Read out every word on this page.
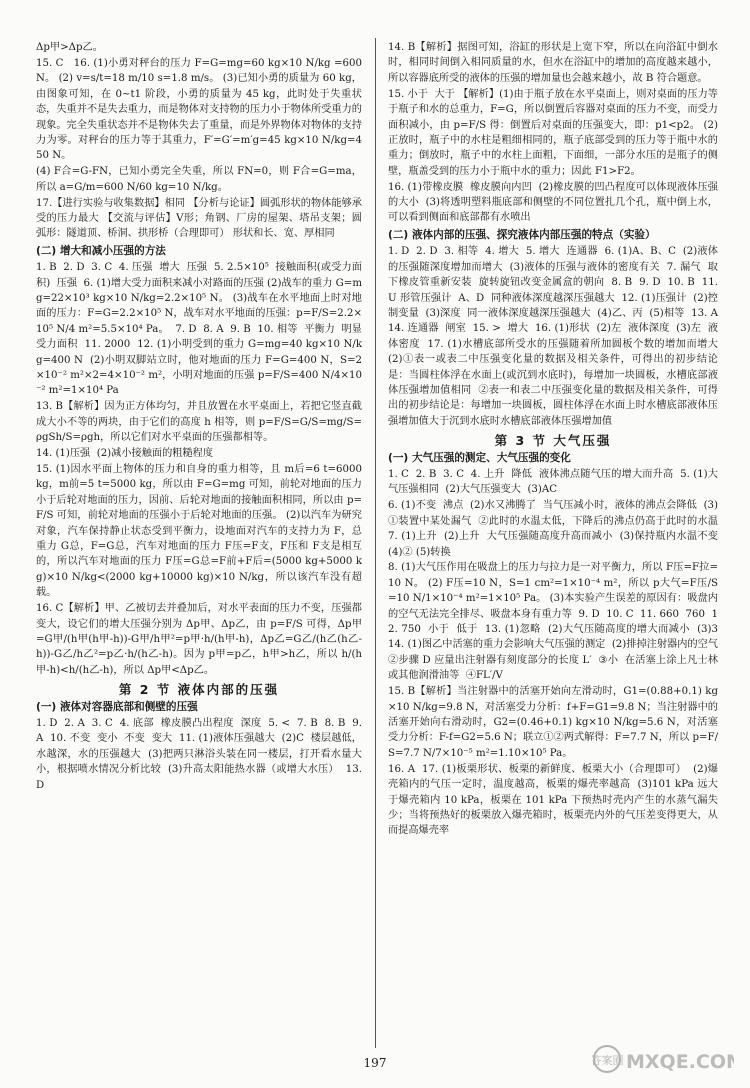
Δp甲>Δp乙。
15. C   16. (1)小勇对秤台的压力 F=G=mg=60 kg×10 N/kg =600 N。 (2) v=s/t=18 m/10 s=1.8 m/s。 (3)已知小勇的质量为 60 kg，由图象可知，在 0~t1 阶段，小勇的质量为 45 kg，此时处于失重状态，失重并不是失去重力，而是物体对支持物的压力小于物体所受重力的现象。完全失重状态并不是物体失去了重量，而是外界物体对物体的支持力为零。对秤台的压力等于其重力，F′=G′=m′g=45 kg×10 N/kg=450 N。
(4) F合=G-FN，已知小勇完全失重，所以 FN=0，则 F合=G=ma，所以 a=G/m=600 N/60 kg=10 N/kg。
17.【进行实验与收集数据】相同 【分析与论证】圆弧形状的物体能够承受的压力最大 【交流与评估】V形；角钢、厂房的屋架、塔吊支架；圆弧形：隧道顶、桥洞、拱形桥（合理即可） 形状和长、宽、厚相同
(二) 增大和减小压强的方法
1. B  2. D  3. C  4. 压强  增大  压强  5. 2.5×10⁵  接触面积(或受力面积)  压强  6. (1)增大受力面积来减小对路面的压强 (2)战车的重力 G=mg=22×10³ kg×10 N/kg=2.2×10⁵ N。 (3)战车在水平地面上时对地面的压力：F=G=2.2×10⁵ N，战车对水平地面的压强：p=F/S=2.2×10⁵ N/4 m²=5.5×10⁴ Pa。  7. D  8. A  9. B  10. 相等  平衡力  明显  受力面积  11. 2000  12. (1)小明受到的重力 G=mg=40 kg×10 N/kg=400 N  (2)小明双脚站立时，他对地面的压力 F=G=400 N，S=2×10⁻² m²×2=4×10⁻² m²，小明对地面的压强 p=F/S=400 N/4×10⁻² m²=1×10⁴ Pa
13. B【解析】因为正方体均匀，并且放置在水平桌面上，若把它竖直截成大小不等的两块，由于它们的高度 h 相等，则 p=F/S=G/S=mg/S=ρgSh/S=ρgh，所以它们对水平桌面的压强都相等。
14. (1)压强  (2)减小接触面的粗糙程度
15. (1)因水平面上物体的压力和自身的重力相等，且 m后=6 t=6000 kg，m前=5 t=5000 kg，所以由 F=G=mg 可知，前轮对地面的压力小于后轮对地面的压力，因前、后轮对地面的接触面积相同，所以由 p=F/S 可知，前轮对地面的压强小于后轮对地面的压强。 (2)以汽车为研究对象，汽车保持静止状态受到平衡力，设地面对汽车的支持力为 F，总重力 G总，F=G总，汽车对地面的压力 F压=F支，F压和 F支是相互的，所以汽车对地面的压力 F压=G总=F前+F后=(5000 kg+5000 kg)×10 N/kg<(2000 kg+10000 kg)×10 N/kg，所以该汽车没有超载。
16. C【解析】甲、乙被切去并叠加后，对水平表面的压力不变，压强都变大，设它们的增大压强分别为 Δp甲、Δp乙，由 p=F/S 可得，Δp甲=G甲/(h甲(h甲-h))-G甲/h甲²=p甲·h/(h甲-h)，Δp乙=G乙/(h乙(h乙-h))-G乙/h乙²=p乙·h/(h乙-h)。因为 p甲=p乙，h甲>h乙，所以 h/(h甲-h)<h/(h乙-h)，所以 Δp甲<Δp乙。
第 2 节 液体内部的压强
(一) 液体对容器底部和侧壁的压强
1. D  2. A  3. C  4. 底部  橡皮膜凸出程度  深度  5. <  7. B  8. B  9. A  10. 不变  变小  不变  变大  11. (1)液体压强越大  (2)C  楼层越低，水越深，水的压强越大  (3)把两只淋浴头装在同一楼层，打开看水量大小，根据喷水情况分析比较  (3)升高太阳能热水器（或增大水压）  13. D
14. B【解析】据图可知，浴缸的形状是上宽下窄，所以在向浴缸中倒水时，相同时间倒入相同质量的水，但水在浴缸中的增加的高度越来越小，所以容器底所受的液体的压强的增加量也会越来越小，故 B 符合题意。
15. 小于  大于 【解析】(1)由于瓶子放在水平桌面上，则对桌面的压力等于瓶子和水的总重力，F=G，所以倒置后容器对桌面的压力不变，而受力面积减小，由 p=F/S 得：倒置后对桌面的压强变大，即：p1<p2。 (2)正放时，瓶子中的水柱是粗细相同的，瓶子底部受到的压力等于瓶中水的重力；倒放时，瓶子中的水柱上面粗，下面细，一部分水压的是瓶子的侧壁，瓶盖受到的压力小于瓶中水的重力；因此 F1>F2。
16. (1)带橡皮膜  橡皮膜向内凹  (2)橡皮膜的凹凸程度可以体现液体压强的大小  (3)将透明塑料瓶底部和侧壁的不同位置扎几个孔，瓶中倒上水，可以看到侧面和底部都有水喷出
(二) 液体内部的压强、探究液体内部压强的特点（实验）
1. D  2. D  3. 相等  4. 增大  5. 增大  连通器  6. (1)A、B、C  (2)液体的压强随深度增加而增大  (3)液体的压强与液体的密度有关  7. 漏气  取下橡皮管重新安装  旋转旋钮改变金属盒的朝向  8. B  9. D  10. B  11. U 形管压强计  A、D  同种液体深度越深压强越大  12. (1)压强计  (2)控制变量  (3)深度  同一液体深度越深压强越大  (4)乙、丙  (5)相等  13. A  14. 连通器  闸室  15. >  增大  16. (1)形状  (2)左  液体深度  (3)左  液体密度  17. (1)水槽底部所受水的压强随着所加圆板个数的增加而增大  (2)①表一或表二中压强变化量的数据及相关条件，可得出的初步结论是：当圆柱体浮在水面上(或沉到水底时)，每增加一块圆板，水槽底部液体压强增加值相同  ②表一和表二中压强变化量的数据及相关条件，可得出的初步结论是：每增加一块圆板，圆柱体浮在水面上时水槽底部液体压强增加值大于沉到水底时水槽底部液体压强增加值
第 3 节 大气压强
(一) 大气压强的测定、大气压强的变化
1. C  2. B  3. C  4. 上升  降低  液体沸点随气压的增大而升高  5. (1)大气压强相同  (2)大气压强变大  (3)AC
6. (1)不变  沸点  (2)水又沸腾了  当气压减小时，液体的沸点会降低  (3)①装置中某处漏气  ②此时的水温太低，下降后的沸点仍高于此时的水温  7. (1)上升  (2)上升  大气压强随高度升高而减小  (3)保持瓶内水温不变  (4)② (5)转换
8. (1)大气压作用在吸盘上的压力与拉力是一对平衡力，所以 F压=F拉=10 N。 (2) F压=10 N，S=1 cm²=1×10⁻⁴ m²，所以 p大气=F压/S=10 N/1×10⁻⁴ m²=1×10⁵ Pa。 (3)本实验产生误差的原因有：吸盘内的空气无法完全排尽、吸盘本身有重力等  9. D  10. C  11. 660  760  12. 750  小于  低于  13. (1)忽略  (2)大气压随高度的增大而减小  (3)3  14. (1)图乙中活塞的重力会影响大气压强的测定  (2)排掉注射器内的空气  ②步骤 D 应量出注射器有刻度部分的长度 L′  ③小  在活塞上涂上凡士林或其他润滑油等  ④FL′/V
15. B【解析】当注射器中的活塞开始向左滑动时，G1=(0.88+0.1) kg×10 N/kg=9.8 N，对活塞受力分析：f+F=G1=9.8 N；当注射器中的活塞开始向右滑动时，G2=(0.46+0.1) kg×10 N/kg=5.6 N，对活塞受力分析：F-f=G2=5.6 N；联立①②两式解得：F=7.7 N，所以 p=F/S=7.7 N/7×10⁻⁵ m²=1.10×10⁵ Pa。
16. A  17. (1)板栗形状、板栗的新鲜度、板栗大小（合理即可）  (2)爆壳箱内的气压一定时，温度越高，板栗的爆壳率越高  (3)101 kPa 远大于爆壳箱内 10 kPa，板栗在 101 kPa 下预热时壳内产生的水蒸气漏失少；当将预热好的板栗放入爆壳箱时，板栗壳内外的气压差变得更大，从而提高爆壳率
197	答案圈 MXQE.COM
